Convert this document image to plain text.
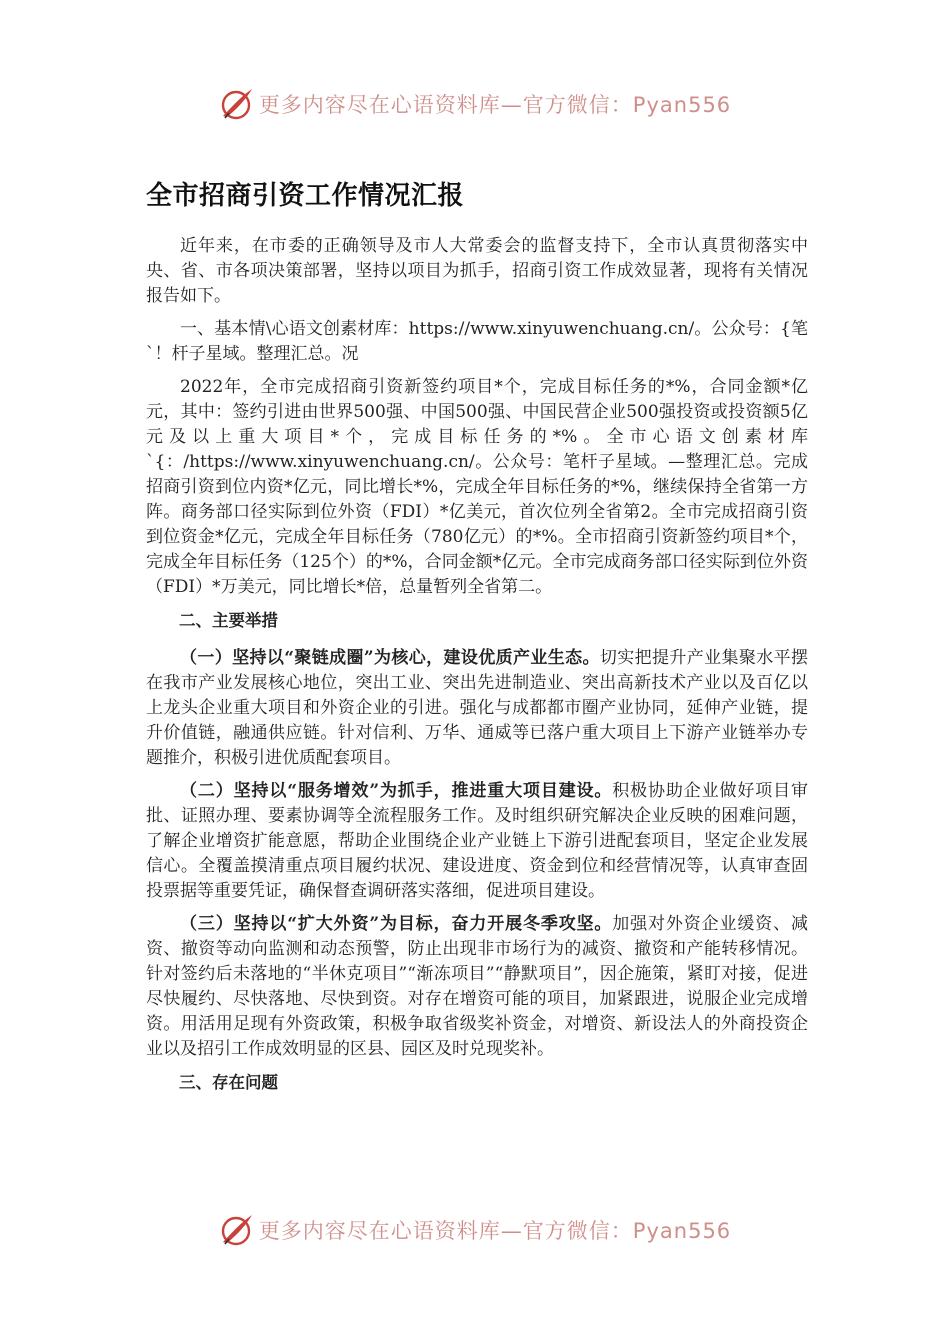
更多内容尽在心语资料库—官方微信：Pyan556
全市招商引资工作情况汇报

近年来，在市委的正确领导及市人大常委会的监督支持下，全市认真贯彻落实中央、省、市各项决策部署，坚持以项目为抓手，招商引资工作成效显著，现将有关情况报告如下。

一、基本情\心语文创素材库：https://www.xinyuwenchuang.cn/。公众号：{笔`！杆子星域。整理汇总。况

2022年，全市完成招商引资新签约项目*个，完成目标任务的*%，合同金额*亿元，其中：签约引进由世界500强、中国500强、中国民营企业500强投资或投资额5亿元及以上重大项目*个，完成目标任务的*%。全市心语文创素材库`{：/https://www.xinyuwenchuang.cn/。公众号：笔杆子星域。—整理汇总。完成招商引资到位内资*亿元，同比增长*%，完成全年目标任务的*%，继续保持全省第一方阵。商务部口径实际到位外资（FDI）*亿美元，首次位列全省第2。全市完成招商引资到位资金*亿元，完成全年目标任务（780亿元）的*%。全市招商引资新签约项目*个，完成全年目标任务（125个）的*%，合同金额*亿元。全市完成商务部口径实际到位外资（FDI）*万美元，同比增长*倍，总量暂列全省第二。

二、主要举措

（一）坚持以“聚链成圈”为核心，建设优质产业生态。切实把提升产业集聚水平摆在我市产业发展核心地位，突出工业、突出先进制造业、突出高新技术产业以及百亿以上龙头企业重大项目和外资企业的引进。强化与成都都市圈产业协同，延伸产业链，提升价值链，融通供应链。针对信利、万华、通威等已落户重大项目上下游产业链举办专题推介，积极引进优质配套项目。

（二）坚持以“服务增效”为抓手，推进重大项目建设。积极协助企业做好项目审批、证照办理、要素协调等全流程服务工作。及时组织研究解决企业反映的困难问题，了解企业增资扩能意愿，帮助企业围绕企业产业链上下游引进配套项目，坚定企业发展信心。全覆盖摸清重点项目履约状况、建设进度、资金到位和经营情况等，认真审查固投票据等重要凭证，确保督查调研落实落细，促进项目建设。

（三）坚持以“扩大外资”为目标，奋力开展冬季攻坚。加强对外资企业缓资、减资、撤资等动向监测和动态预警，防止出现非市场行为的减资、撤资和产能转移情况。针对签约后未落地的“半休克项目”“渐冻项目”“静默项目”，因企施策，紧盯对接，促进尽快履约、尽快落地、尽快到资。对存在增资可能的项目，加紧跟进，说服企业完成增资。用活用足现有外资政策，积极争取省级奖补资金，对增资、新设法人的外商投资企业以及招引工作成效明显的区县、园区及时兑现奖补。

三、存在问题
更多内容尽在心语资料库—官方微信：Pyan556
